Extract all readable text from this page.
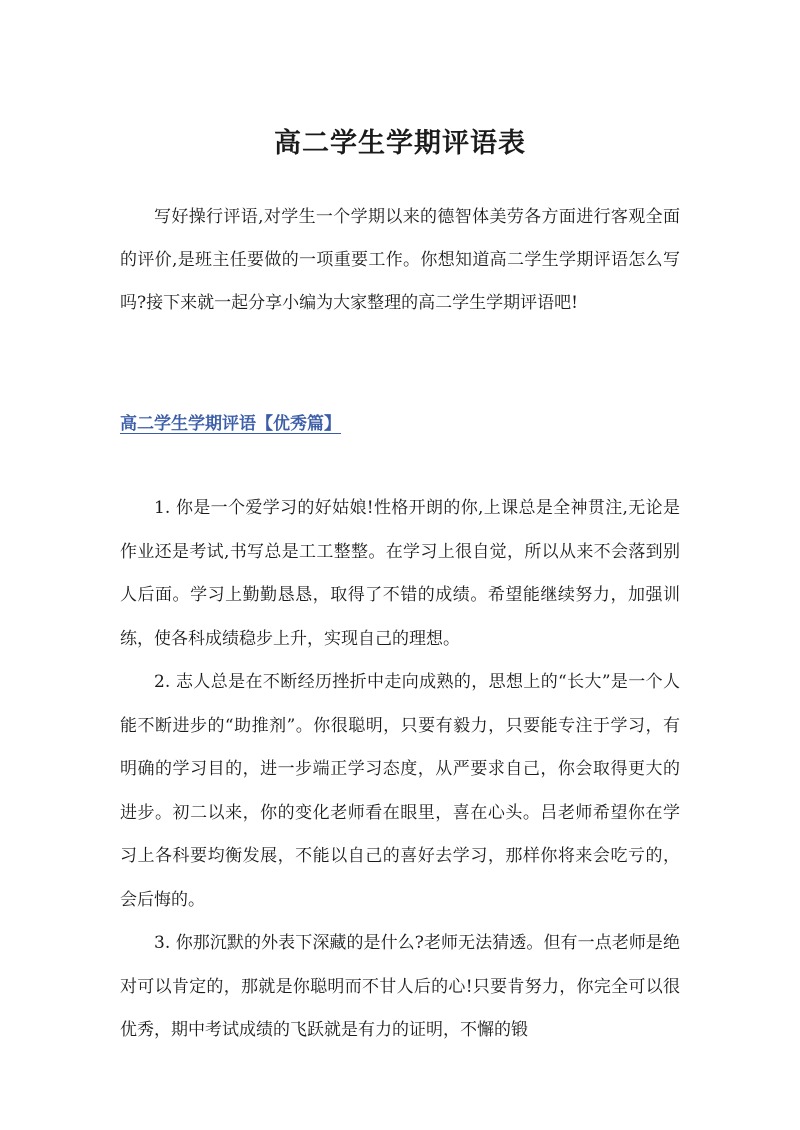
高二学生学期评语表

写好操行评语,对学生一个学期以来的德智体美劳各方面进行客观全面的评价,是班主任要做的一项重要工作。你想知道高二学生学期评语怎么写吗?接下来就一起分享小编为大家整理的高二学生学期评语吧!

高二学生学期评语【优秀篇】

1. 你是一个爱学习的好姑娘!性格开朗的你,上课总是全神贯注,无论是作业还是考试,书写总是工工整整。在学习上很自觉，所以从来不会落到别人后面。学习上勤勤恳恳，取得了不错的成绩。希望能继续努力，加强训练，使各科成绩稳步上升，实现自己的理想。

2. 志人总是在不断经历挫折中走向成熟的，思想上的“长大”是一个人能不断进步的“助推剂”。你很聪明，只要有毅力，只要能专注于学习，有明确的学习目的，进一步端正学习态度，从严要求自己，你会取得更大的进步。初二以来，你的变化老师看在眼里，喜在心头。吕老师希望你在学习上各科要均衡发展，不能以自己的喜好去学习，那样你将来会吃亏的，会后悔的。

3. 你那沉默的外表下深藏的是什么?老师无法猜透。但有一点老师是绝对可以肯定的，那就是你聪明而不甘人后的心!只要肯努力，你完全可以很优秀，期中考试成绩的飞跃就是有力的证明，不懈的锻
